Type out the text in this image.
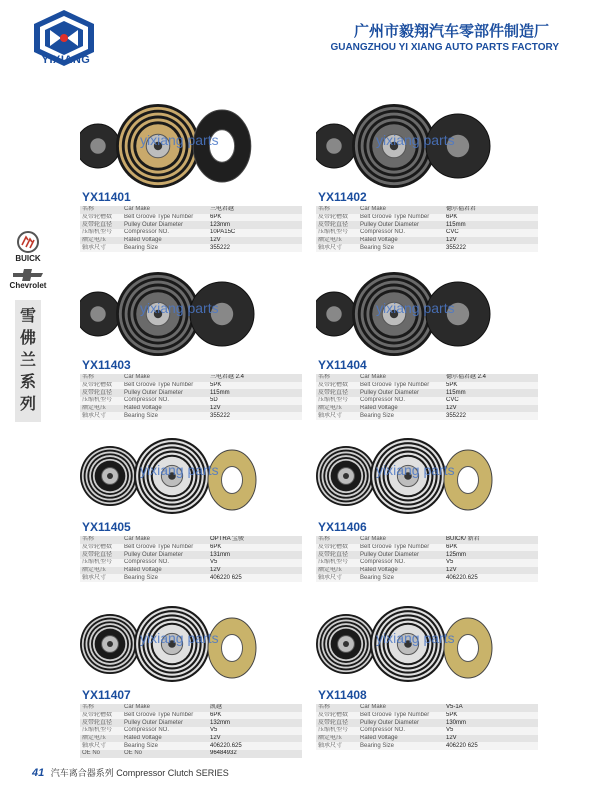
YIXIANG
广州市毅翔汽车零部件制造厂
GUANGZHOU YI XIANG AUTO PARTS FACTORY
BUICK
Chevrolet
雪
佛
兰
系
列
yixiang parts
YX11401
名称	Car Make	三电君越
皮带轮槽数	Belt Groove Type Number	6PK
皮带轮直径	Pulley Outer Diameter	123mm
压缩机型号	Compressor NO.	10PA15C
额定电压	Rated Voltage	12V
轴承尺寸	Bearing Size	355222
yixiang parts
YX11402
名称	Car Make	德尔福君君
皮带轮槽数	Belt Groove Type Number	6PK
皮带轮直径	Pulley Outer Diameter	115mm
压缩机型号	Compressor NO.	CVC
额定电压	Rated Voltage	12V
轴承尺寸	Bearing Size	355222
yixiang parts
YX11403
名称	Car Make	三电君越 2.4
皮带轮槽数	Belt Groove Type Number	5PK
皮带轮直径	Pulley Outer Diameter	115mm
压缩机型号	Compressor NO.	5D
额定电压	Rated Voltage	12V
轴承尺寸	Bearing Size	355222
yixiang parts
YX11404
名称	Car Make	德尔福君越 2.4
皮带轮槽数	Belt Groove Type Number	5PK
皮带轮直径	Pulley Outer Diameter	115mm
压缩机型号	Compressor NO.	CVC
额定电压	Rated Voltage	12V
轴承尺寸	Bearing Size	355222
yixiang parts
YX11405
名称	Car Make	OPTRA 宝骏
皮带轮槽数	Belt Groove Type Number	6PK
皮带轮直径	Pulley Outer Diameter	131mm
压缩机型号	Compressor NO.	V5
额定电压	Rated Voltage	12V
轴承尺寸	Bearing Size	406220 625
yixiang parts
YX11406
名称	Car Make	BUICK/ 新君
皮带轮槽数	Belt Groove Type Number	6PK
皮带轮直径	Pulley Outer Diameter	125mm
压缩机型号	Compressor NO.	V5
额定电压	Rated Voltage	12V
轴承尺寸	Bearing Size	406220.625
yixiang parts
YX11407
名称	Car Make	凯越
皮带轮槽数	Belt Groove Type Number	6PK
皮带轮直径	Pulley Outer Diameter	132mm
压缩机型号	Compressor NO.	V5
额定电压	Rated Voltage	12V
轴承尺寸	Bearing Size	406220.625
OE No	OE No	96484932
yixiang parts
YX11408
名称	Car Make	V5-1A
皮带轮槽数	Belt Groove Type Number	5PK
皮带轮直径	Pulley Outer Diameter	130mm
压缩机型号	Compressor NO.	V5
额定电压	Rated Voltage	12V
轴承尺寸	Bearing Size	406220 625
41 汽车离合器系列 Compressor Clutch SERIES
